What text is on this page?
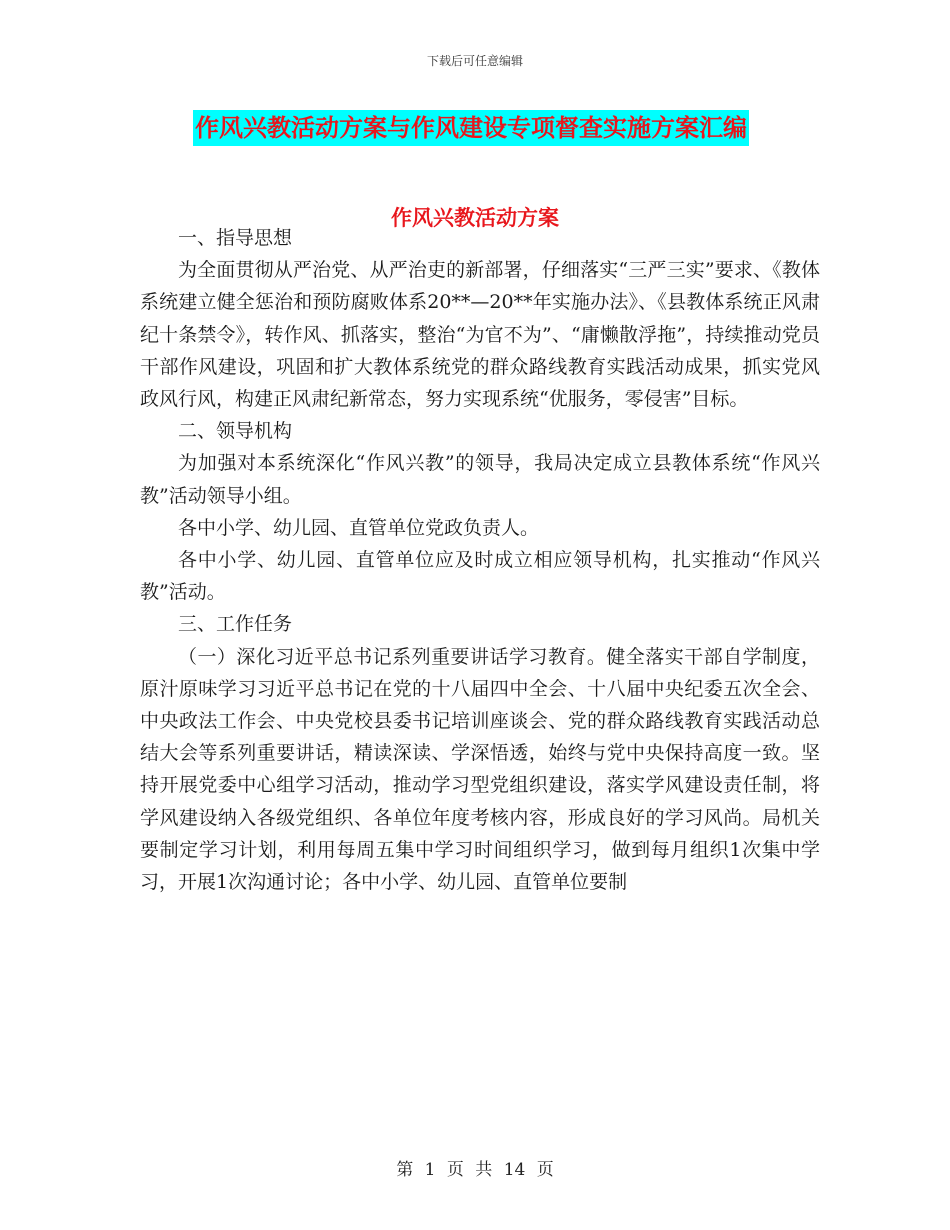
下载后可任意编辑
作风兴教活动方案与作风建设专项督查实施方案汇编
作风兴教活动方案

一、指导思想

为全面贯彻从严治党、从严治吏的新部署，仔细落实“三严三实”要求、《教体系统建立健全惩治和预防腐败体系20**—20**年实施办法》、《县教体系统正风肃纪十条禁令》，转作风、抓落实，整治“为官不为”、“庸懒散浮拖”，持续推动党员干部作风建设，巩固和扩大教体系统党的群众路线教育实践活动成果，抓实党风政风行风，构建正风肃纪新常态，努力实现系统“优服务，零侵害”目标。

二、领导机构

为加强对本系统深化“作风兴教”的领导，我局决定成立县教体系统“作风兴教”活动领导小组。

各中小学、幼儿园、直管单位党政负责人。

各中小学、幼儿园、直管单位应及时成立相应领导机构，扎实推动“作风兴教”活动。

三、工作任务

（一）深化习近平总书记系列重要讲话学习教育。健全落实干部自学制度，原汁原味学习习近平总书记在党的十八届四中全会、十八届中央纪委五次全会、中央政法工作会、中央党校县委书记培训座谈会、党的群众路线教育实践活动总结大会等系列重要讲话，精读深读、学深悟透，始终与党中央保持高度一致。坚持开展党委中心组学习活动，推动学习型党组织建设，落实学风建设责任制，将学风建设纳入各级党组织、各单位年度考核内容，形成良好的学习风尚。局机关要制定学习计划，利用每周五集中学习时间组织学习，做到每月组织1次集中学习，开展1次沟通讨论；各中小学、幼儿园、直管单位要制

第 1 页 共 14 页
